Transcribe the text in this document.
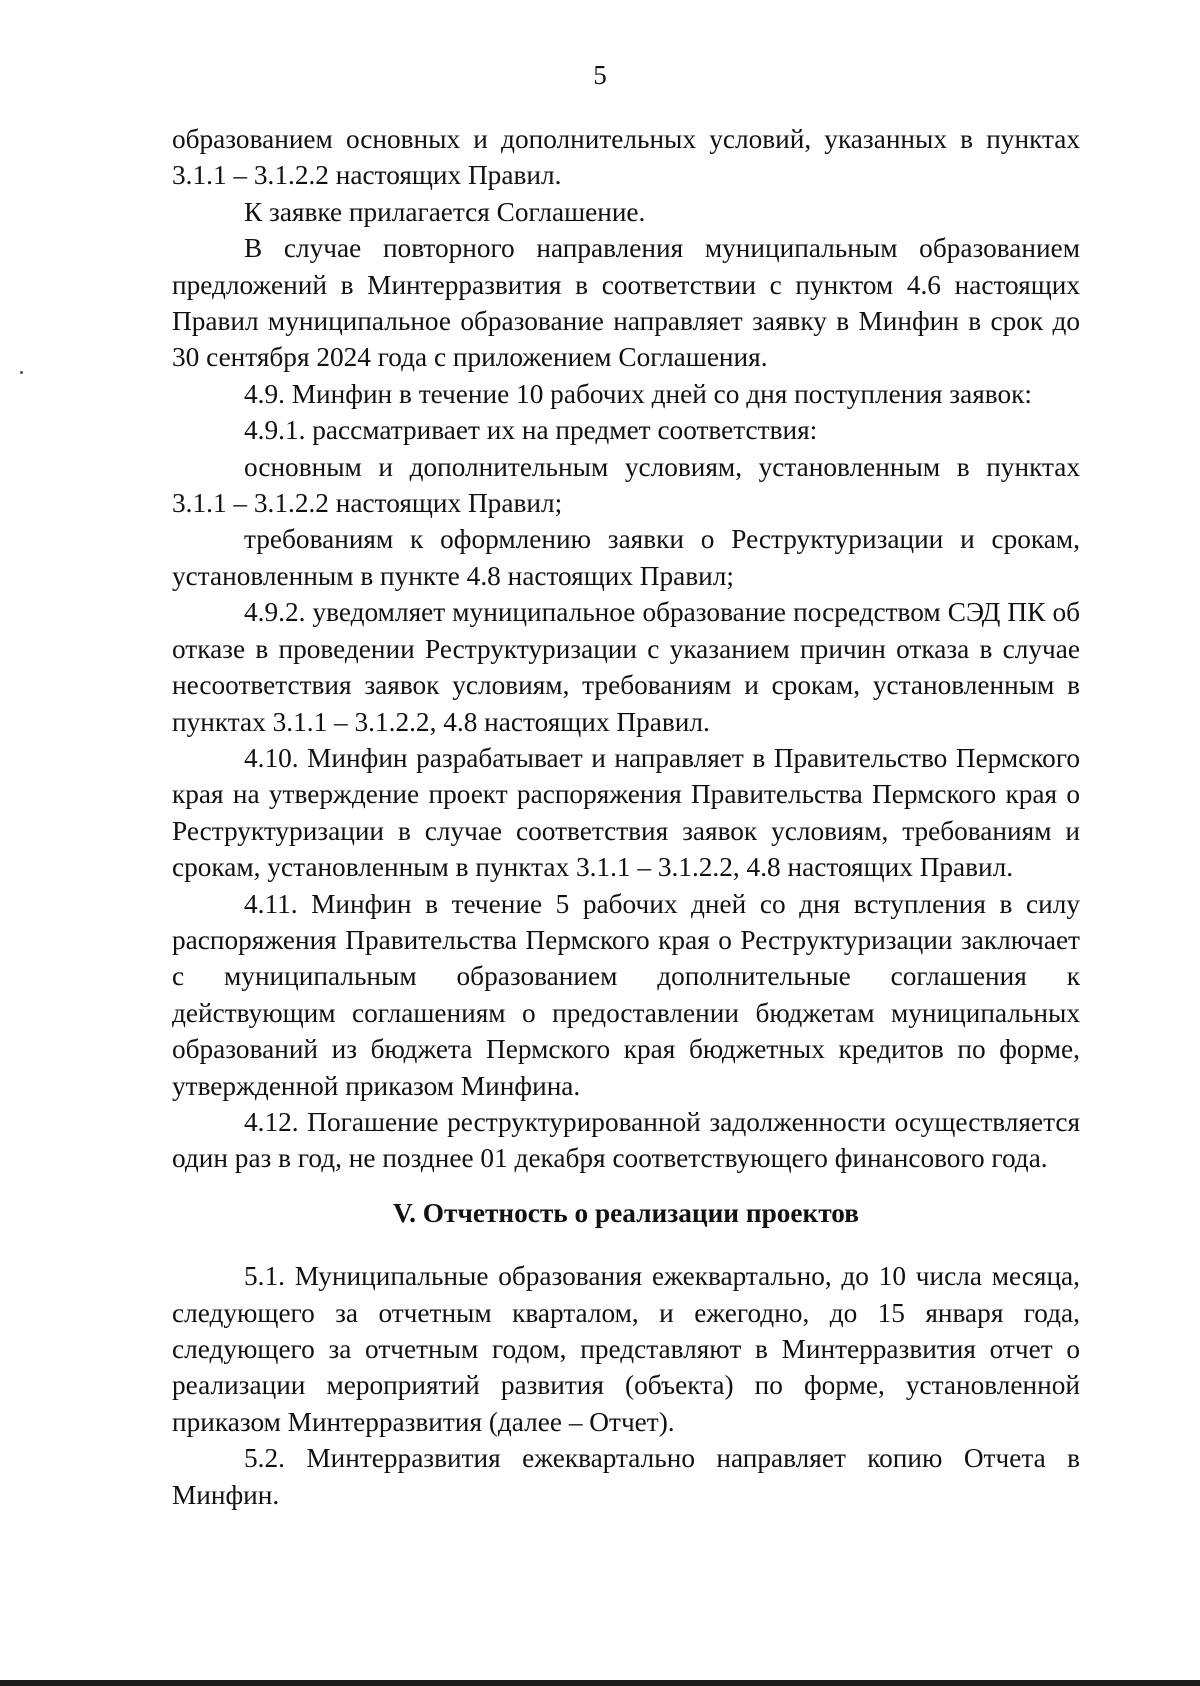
5

образованием основных и дополнительных условий, указанных в пунктах 3.1.1 – 3.1.2.2 настоящих Правил.

К заявке прилагается Соглашение.

В случае повторного направления муниципальным образованием предложений в Минтерразвития в соответствии с пунктом 4.6 настоящих Правил муниципальное образование направляет заявку в Минфин в срок до 30 сентября 2024 года с приложением Соглашения.

4.9. Минфин в течение 10 рабочих дней со дня поступления заявок:

4.9.1. рассматривает их на предмет соответствия:

основным и дополнительным условиям, установленным в пунктах 3.1.1 – 3.1.2.2 настоящих Правил;

требованиям к оформлению заявки о Реструктуризации и срокам, установленным в пункте 4.8 настоящих Правил;

4.9.2. уведомляет муниципальное образование посредством СЭД ПК об отказе в проведении Реструктуризации с указанием причин отказа в случае несоответствия заявок условиям, требованиям и срокам, установленным в пунктах 3.1.1 – 3.1.2.2, 4.8 настоящих Правил.

4.10. Минфин разрабатывает и направляет в Правительство Пермского края на утверждение проект распоряжения Правительства Пермского края о Реструктуризации в случае соответствия заявок условиям, требованиям и срокам, установленным в пунктах 3.1.1 – 3.1.2.2, 4.8 настоящих Правил.

4.11. Минфин в течение 5 рабочих дней со дня вступления в силу распоряжения Правительства Пермского края о Реструктуризации заключает с муниципальным образованием дополнительные соглашения к действующим соглашениям о предоставлении бюджетам муниципальных образований из бюджета Пермского края бюджетных кредитов по форме, утвержденной приказом Минфина.

4.12. Погашение реструктурированной задолженности осуществляется один раз в год, не позднее 01 декабря соответствующего финансового года.

V. Отчетность о реализации проектов

5.1. Муниципальные образования ежеквартально, до 10 числа месяца, следующего за отчетным кварталом, и ежегодно, до 15 января года, следующего за отчетным годом, представляют в Минтерразвития отчет о реализации мероприятий развития (объекта) по форме, установленной приказом Минтерразвития (далее – Отчет).

5.2. Минтерразвития ежеквартально направляет копию Отчета в Минфин.
